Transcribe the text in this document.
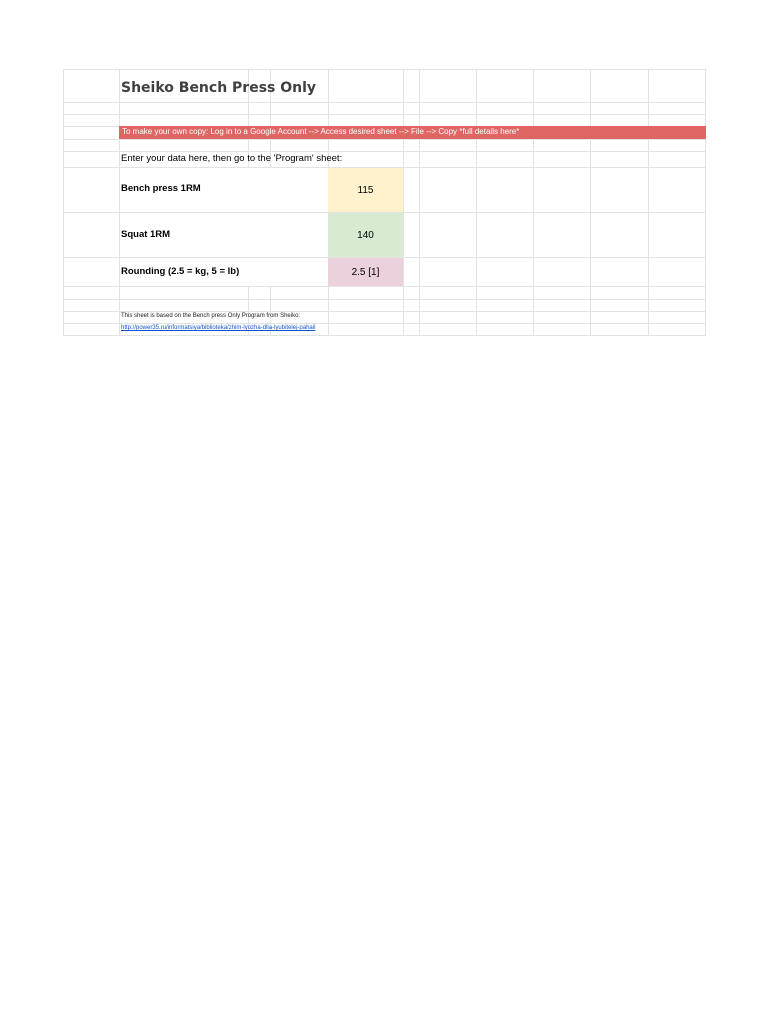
Sheiko Bench Press Only
To make your own copy: Log in to a Google Account --> Access desired sheet --> File --> Copy *full details here*
Enter your data here, then go to the 'Program' sheet:
Bench press 1RM	115
Squat 1RM	140
Rounding (2.5 = kg, 5 = lb)	2.5 [1]
This sheet is based on the Bench press Only Program from Sheiko:
http://power35.ru/informatsiya/biblioteka/zhim-lyozha-dlia-lyubitelej-pahail
